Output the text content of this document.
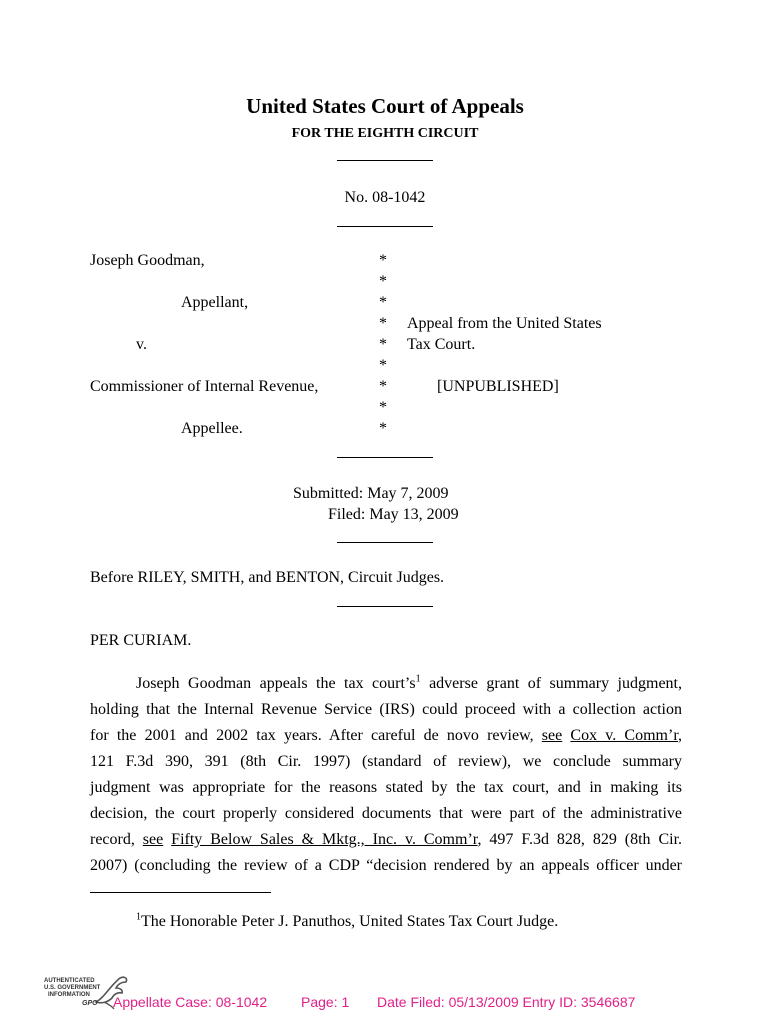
United States Court of Appeals
FOR THE EIGHTH CIRCUIT
No. 08-1042
Joseph Goodman,
Appellant,
v.
Commissioner of Internal Revenue,
Appellee.
*
*
*
*
*
*
*
*
*
Appeal from the United States
Tax Court.
[UNPUBLISHED]
Submitted: May 7, 2009
Filed: May 13, 2009
Before RILEY, SMITH, and BENTON, Circuit Judges.
PER CURIAM.
Joseph Goodman appeals the tax $court’s^1$ adverse grant of summary judgment,
holding that the Internal Revenue Service (IRS) could proceed with a collection action
for the 2001 and 2002 tax years. After careful de novo review, see Cox v. Comm’r,
121 F.3d 390, 391 (8th Cir. 1997) (standard of review), we conclude summary
judgment was appropriate for the reasons stated by the tax court, and in making its
decision, the court properly considered documents that were part of the administrative
record, see Fifty Below Sales & Mktg., Inc. v. Comm’r, 497 F.3d 828, 829 (8th Cir.
2007) (concluding the review of a CDP “decision rendered by an appeals officer under
$^1$The Honorable Peter J. Panuthos, United States Tax Court Judge.
AUTHENTICATED
U.S. GOVERNMENT
INFORMATION
GPO Appellate Case: 08-1042 Page: 1 Date Filed: 05/13/2009 Entry ID: 3546687
